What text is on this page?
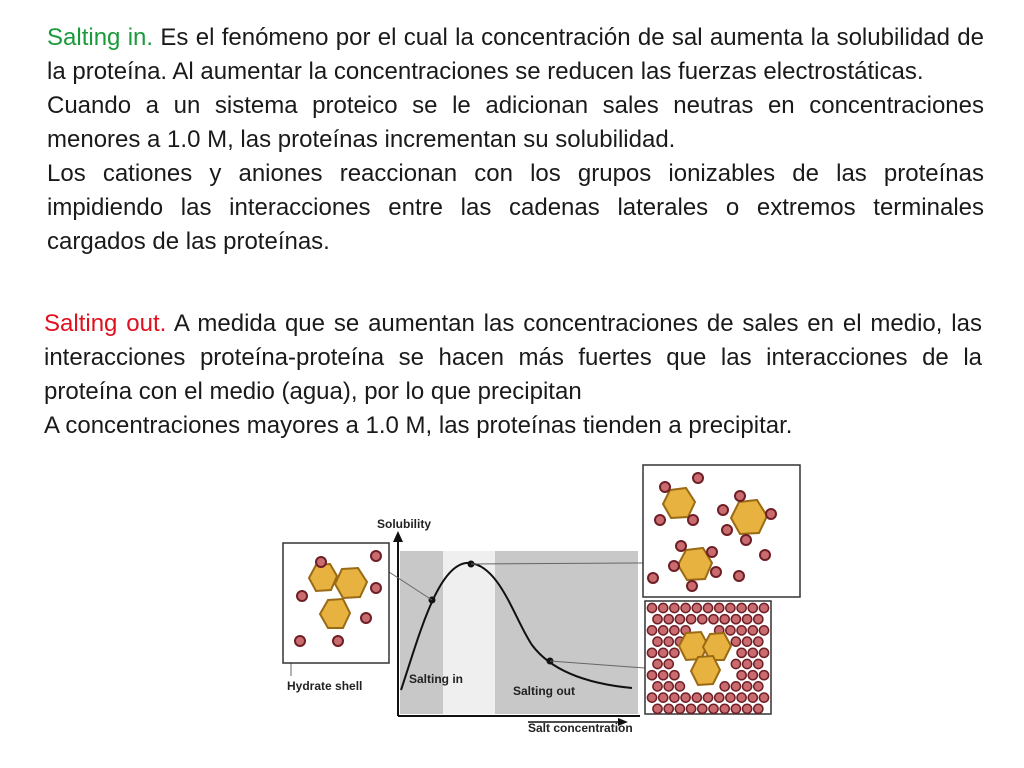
Salting in. Es el fenómeno por el cual la concentración de sal aumenta la solubilidad de la proteína. Al aumentar la concentraciones se reducen las fuerzas electrostáticas.

Cuando a un sistema proteico se le adicionan sales neutras en concentraciones menores a 1.0 M, las proteínas incrementan su solubilidad.

Los cationes y aniones reaccionan con los grupos ionizables de las proteínas impidiendo las interacciones entre las cadenas laterales o extremos terminales cargados de las proteínas.

Salting out. A medida que se aumentan las concentraciones de sales en el medio, las interacciones proteína-proteína se hacen más fuertes que las interacciones de la proteína con el medio (agua), por lo que precipitan

A concentraciones mayores a 1.0 M, las proteínas tienden a precipitar.

Solubility
Salting in
Salting out
Hydrate shell
Salt concentration
